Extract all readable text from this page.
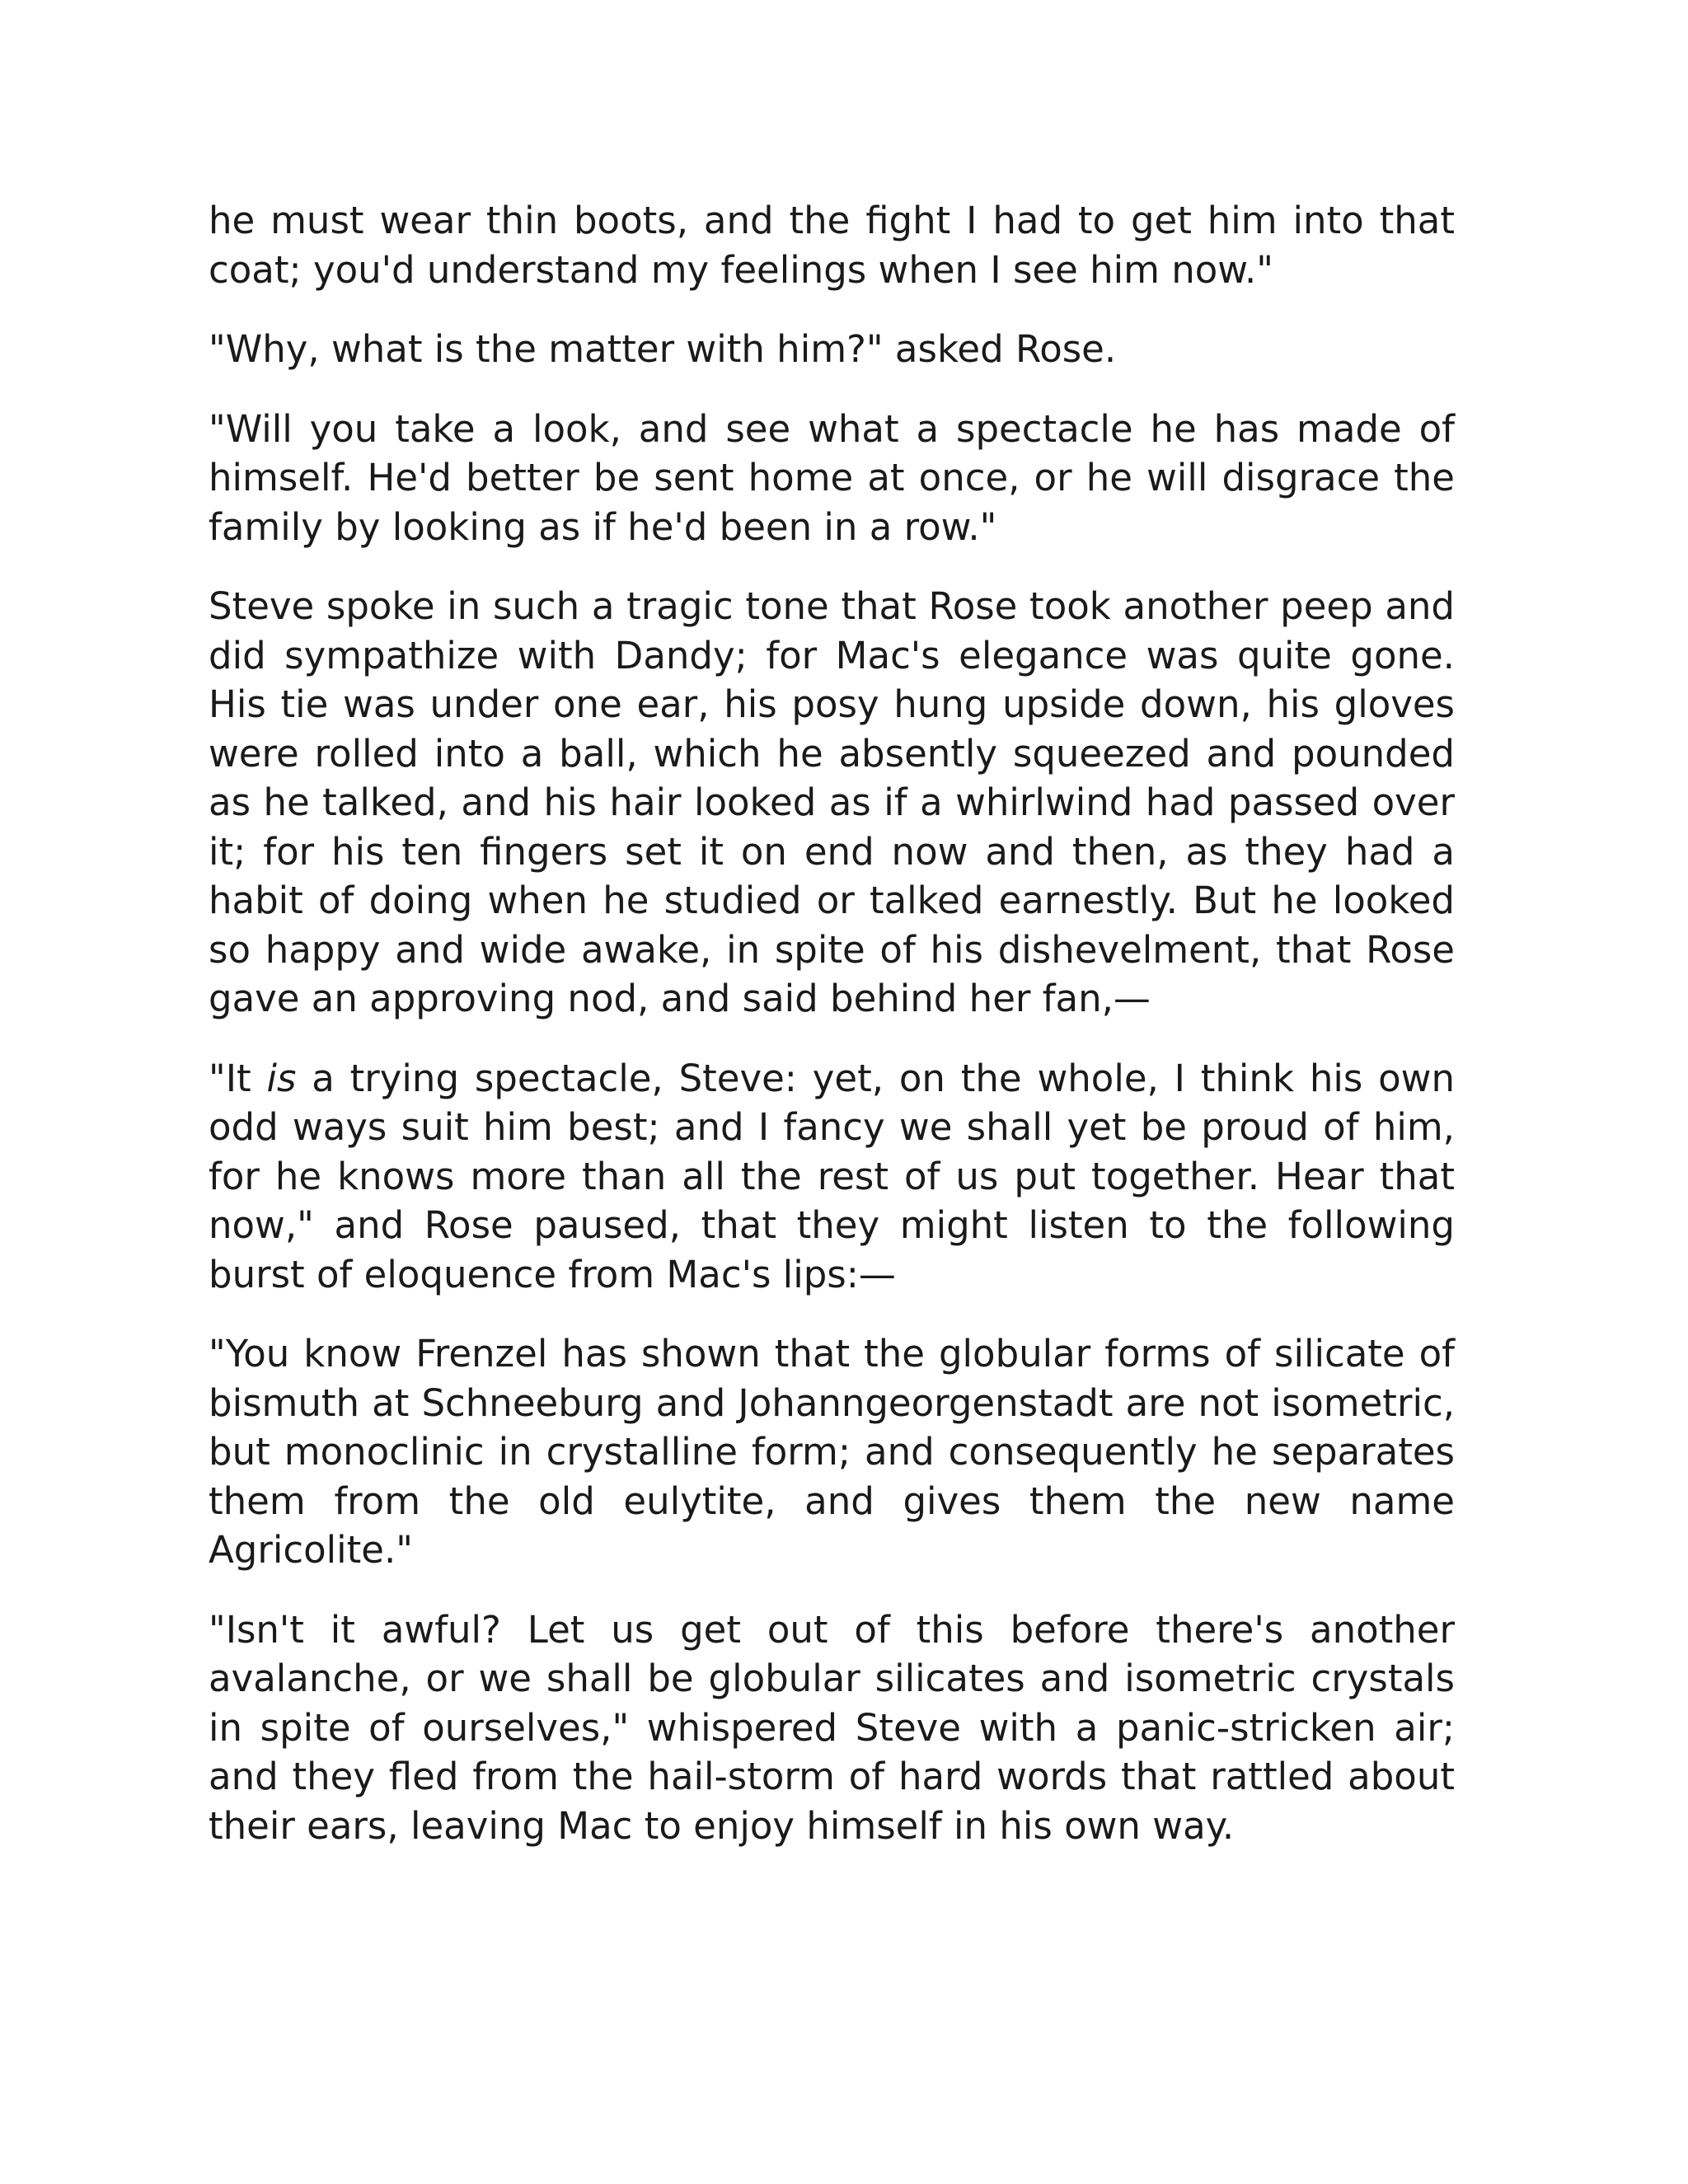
he must wear thin boots, and the fight I had to get him into that coat; you'd understand my feelings when I see him now."

"Why, what is the matter with him?" asked Rose.

"Will you take a look, and see what a spectacle he has made of himself. He'd better be sent home at once, or he will disgrace the family by looking as if he'd been in a row."

Steve spoke in such a tragic tone that Rose took another peep and did sympathize with Dandy; for Mac's elegance was quite gone. His tie was under one ear, his posy hung upside down, his gloves were rolled into a ball, which he absently squeezed and pounded as he talked, and his hair looked as if a whirlwind had passed over it; for his ten fingers set it on end now and then, as they had a habit of doing when he studied or talked earnestly. But he looked so happy and wide awake, in spite of his dishevelment, that Rose gave an approving nod, and said behind her fan,—

"It is a trying spectacle, Steve: yet, on the whole, I think his own odd ways suit him best; and I fancy we shall yet be proud of him, for he knows more than all the rest of us put together. Hear that now," and Rose paused, that they might listen to the following burst of eloquence from Mac's lips:—

"You know Frenzel has shown that the globular forms of silicate of bismuth at Schneeburg and Johanngeorgenstadt are not isometric, but monoclinic in crystalline form; and consequently he separates them from the old eulytite, and gives them the new name Agricolite."

"Isn't it awful? Let us get out of this before there's another avalanche, or we shall be globular silicates and isometric crystals in spite of ourselves," whispered Steve with a panic-stricken air; and they fled from the hail-storm of hard words that rattled about their ears, leaving Mac to enjoy himself in his own way.
